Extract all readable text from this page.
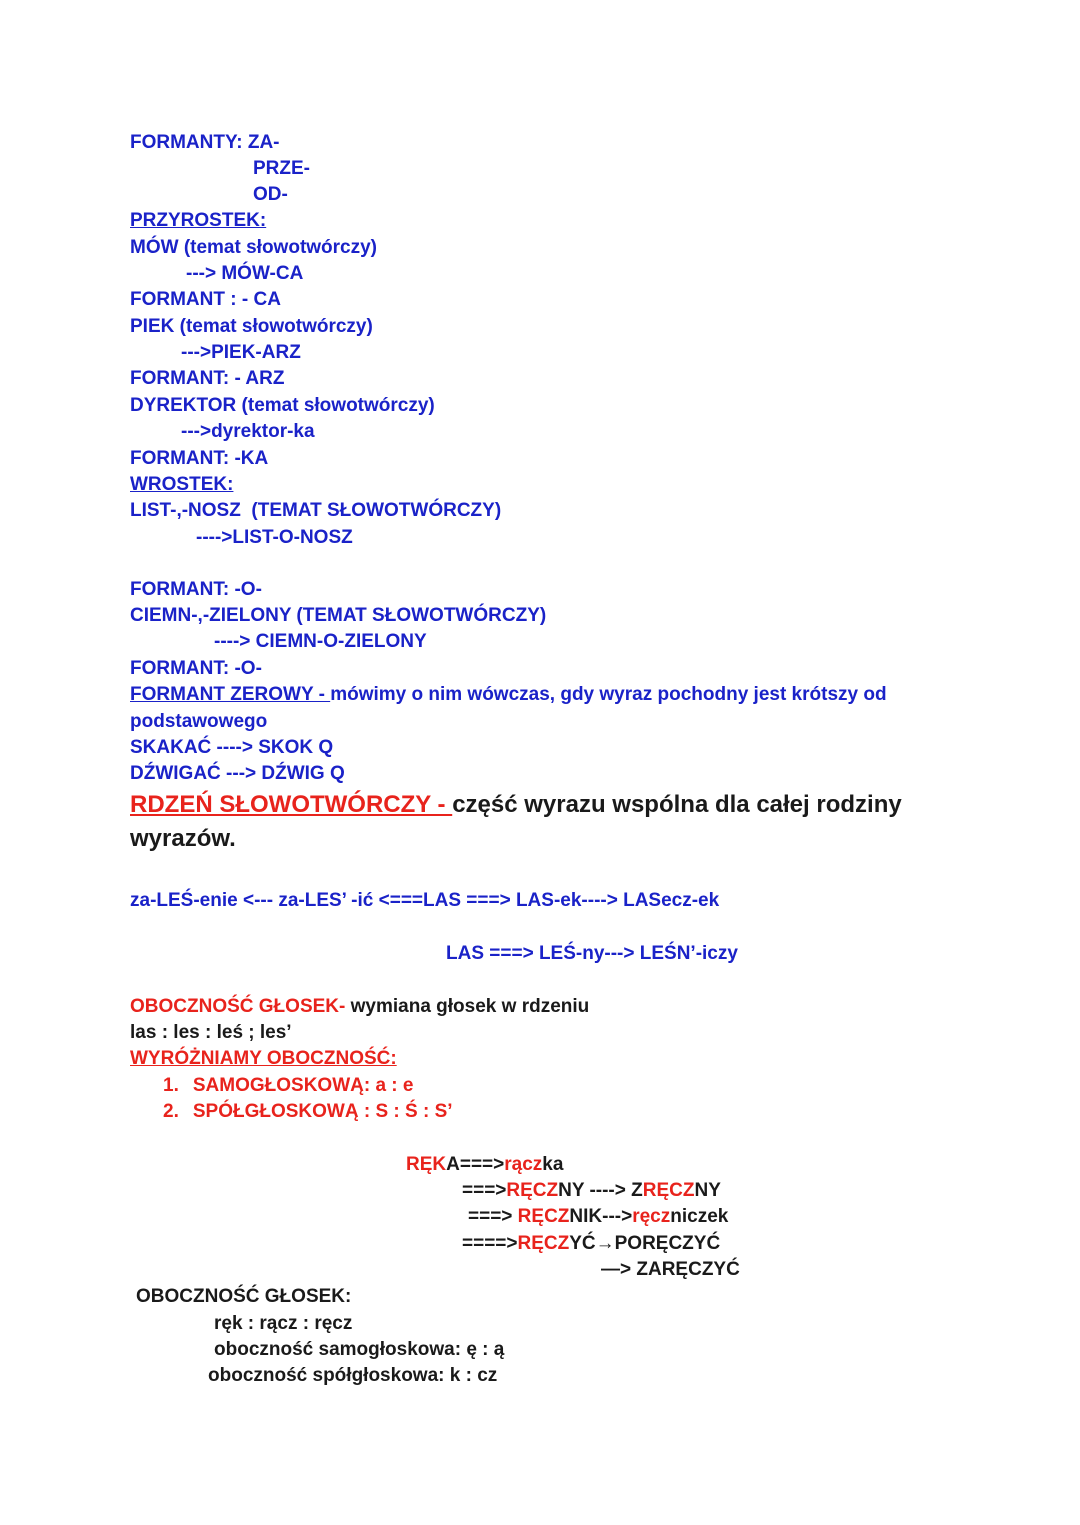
FORMANTY: ZA-
PRZE-
OD-
PRZYROSTEK:
MÓW (temat słowotwórczy)
---> MÓW-CA
FORMANT : - CA
PIEK (temat słowotwórczy)
--->PIEK-ARZ
FORMANT: - ARZ
DYREKTOR (temat słowotwórczy)
--->dyrektor-ka
FORMANT: -KA
WROSTEK:
LIST-,-NOSZ  (TEMAT SŁOWOTWÓRCZY)
---->LIST-O-NOSZ
FORMANT: -O-
CIEMN-,-ZIELONY (TEMAT SŁOWOTWÓRCZY)
----> CIEMN-O-ZIELONY
FORMANT: -O-
FORMANT ZEROWY - mówimy o nim wówczas, gdy wyraz pochodny jest krótszy od
podstawowego
SKAKAĆ ----> SKOK Q
DŹWIGAĆ ---> DŹWIG Q
RDZEŃ SŁOWOTWÓRCZY - część wyrazu wspólna dla całej rodziny
wyrazów.
za-LEŚ-enie <--- za-LES’ -ić <===LAS ===> LAS-ek----> LASecz-ek
LAS ===> LEŚ-ny---> LEŚN’-iczy
OBOCZNOŚĆ GŁOSEK- wymiana głosek w rdzeniu
las : les : leś ; les’
WYRÓŻNIAMY OBOCZNOŚĆ:
1. SAMOGŁOSKOWĄ: a : e
2. SPÓŁGŁOSKOWĄ : S : Ś : S’
RĘKA===>rączka
===>RĘCZNY ----> ZRĘCZNY
===> RĘCZNIK--->ręczniczek
====>RĘCZYĆ→PORĘCZYĆ
—> ZARĘCZYĆ
OBOCZNOŚĆ GŁOSEK:
ręk : rącz : ręcz
oboczność samogłoskowa: ę : ą
oboczność spółgłoskowa: k : cz
